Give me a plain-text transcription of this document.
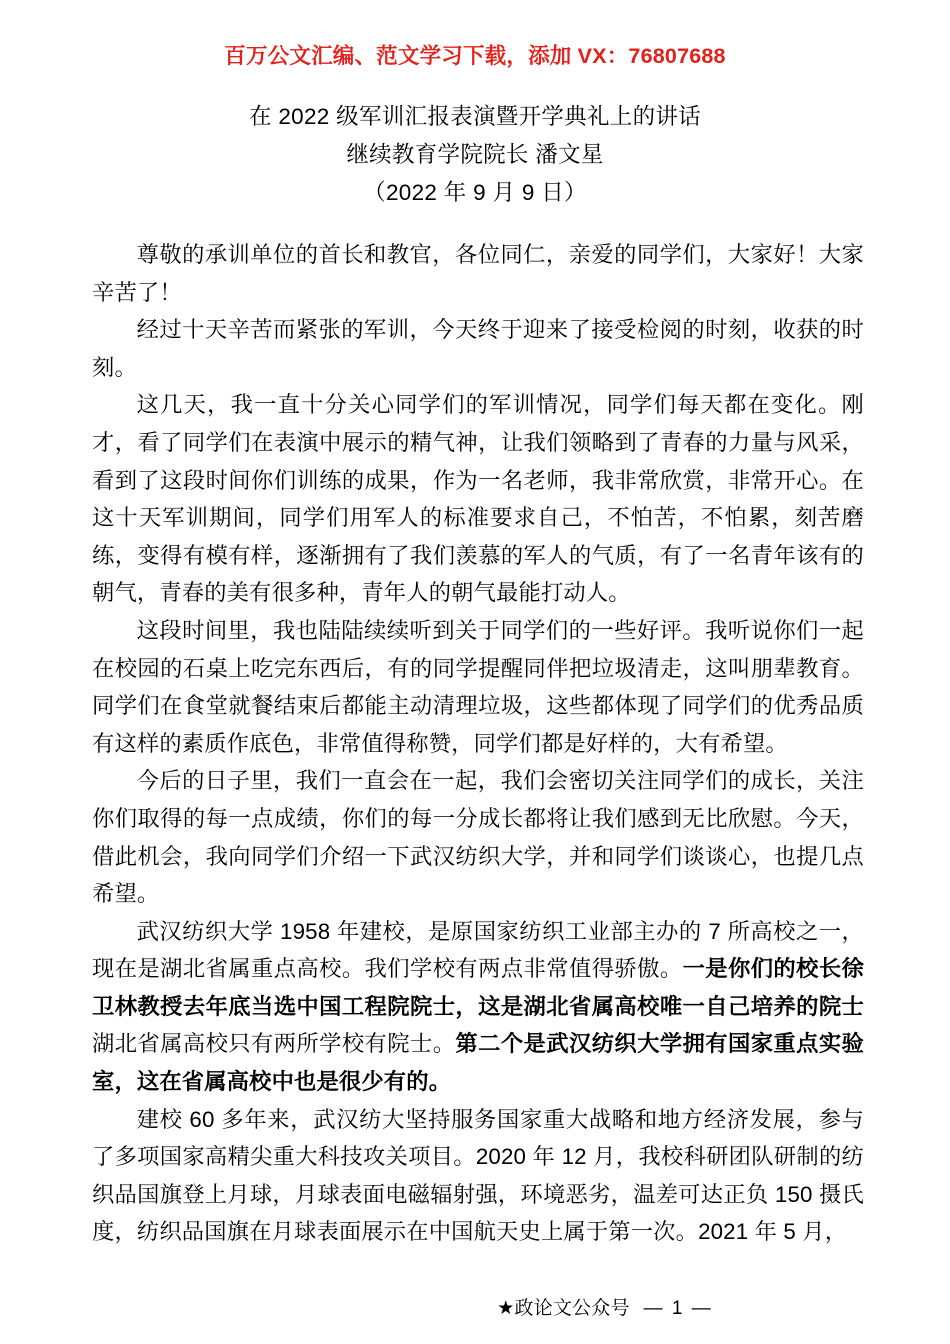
百万公文汇编、范文学习下载，添加 VX：76807688
在 2022 级军训汇报表演暨开学典礼上的讲话
继续教育学院院长 潘文星
（2022 年 9 月 9 日）

尊敬的承训单位的首长和教官，各位同仁，亲爱的同学们，大家好！大家辛苦了！

经过十天辛苦而紧张的军训，今天终于迎来了接受检阅的时刻，收获的时刻。

这几天，我一直十分关心同学们的军训情况，同学们每天都在变化。刚才，看了同学们在表演中展示的精气神，让我们领略到了青春的力量与风采，看到了这段时间你们训练的成果，作为一名老师，我非常欣赏，非常开心。在这十天军训期间，同学们用军人的标准要求自己，不怕苦，不怕累，刻苦磨练，变得有模有样，逐渐拥有了我们羡慕的军人的气质，有了一名青年该有的朝气，青春的美有很多种，青年人的朝气最能打动人。

这段时间里，我也陆陆续续听到关于同学们的一些好评。我听说你们一起在校园的石桌上吃完东西后，有的同学提醒同伴把垃圾清走，这叫朋辈教育。同学们在食堂就餐结束后都能主动清理垃圾，这些都体现了同学们的优秀品质有这样的素质作底色，非常值得称赞，同学们都是好样的，大有希望。

今后的日子里，我们一直会在一起，我们会密切关注同学们的成长，关注你们取得的每一点成绩，你们的每一分成长都将让我们感到无比欣慰。今天，借此机会，我向同学们介绍一下武汉纺织大学，并和同学们谈谈心，也提几点希望。

武汉纺织大学 1958 年建校，是原国家纺织工业部主办的 7 所高校之一，现在是湖北省属重点高校。我们学校有两点非常值得骄傲。一是你们的校长徐卫林教授去年底当选中国工程院院士，这是湖北省属高校唯一自己培养的院士湖北省属高校只有两所学校有院士。第二个是武汉纺织大学拥有国家重点实验室，这在省属高校中也是很少有的。

建校 60 多年来，武汉纺大坚持服务国家重大战略和地方经济发展，参与了多项国家高精尖重大科技攻关项目。2020 年 12 月，我校科研团队研制的纺织品国旗登上月球，月球表面电磁辐射强，环境恶劣，温差可达正负 150 摄氏度，纺织品国旗在月球表面展示在中国航天史上属于第一次。2021 年 5 月，

★政论文公众号 — 1 —
